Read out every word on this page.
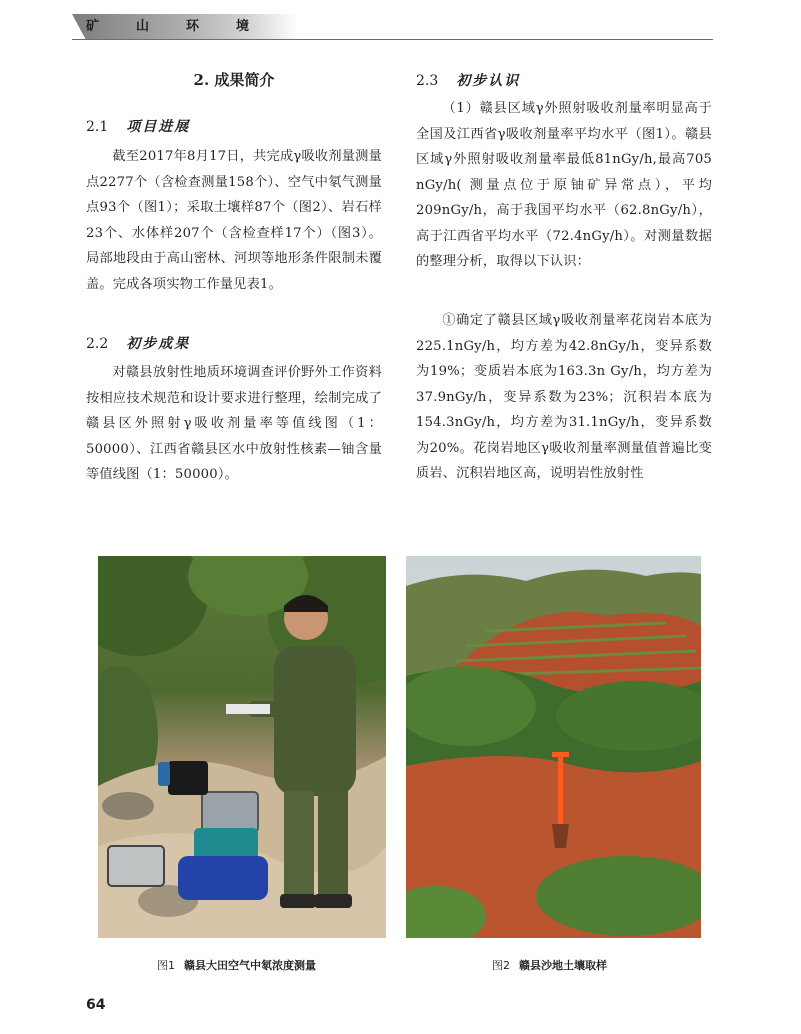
矿山环境
2. 成果简介
2.1 项目进展

截至2017年8月17日，共完成γ吸收剂量测量点2277个（含检查测量158个）、空气中氡气测量点93个（图1）；采取土壤样87个（图2）、岩石样23个、水体样207个（含检查样17个）（图3）。局部地段由于高山密林、河坝等地形条件限制未覆盖。完成各项实物工作量见表1。

2.2 初步成果

对赣县放射性地质环境调查评价野外工作资料按相应技术规范和设计要求进行整理，绘制完成了赣县区外照射γ吸收剂量率等值线图（1：50000）、江西省赣县区水中放射性核素—铀含量等值线图（1：50000）。

2.3 初步认识

（1）赣县区域γ外照射吸收剂量率明显高于全国及江西省γ吸收剂量率平均水平（图1）。赣县区域γ外照射吸收剂量率最低81nGy/h,最高705 nGy/h( 测量点位于原铀矿异常点），平均209nGy/h，高于我国平均水平（62.8nGy/h），高于江西省平均水平（72.4nGy/h）。对测量数据的整理分析，取得以下认识：

①确定了赣县区域γ吸收剂量率花岗岩本底为225.1nGy/h，均方差为42.8nGy/h，变异系数为19%；变质岩本底为163.3n Gy/h，均方差为37.9nGy/h，变异系数为23%；沉积岩本底为154.3nGy/h，均方差为31.1nGy/h，变异系数为20%。花岗岩地区γ吸收剂量率测量值普遍比变质岩、沉积岩地区高，说明岩性放射性

图1 赣县大田空气中氡浓度测量	图2 赣县沙地土壤取样
64
